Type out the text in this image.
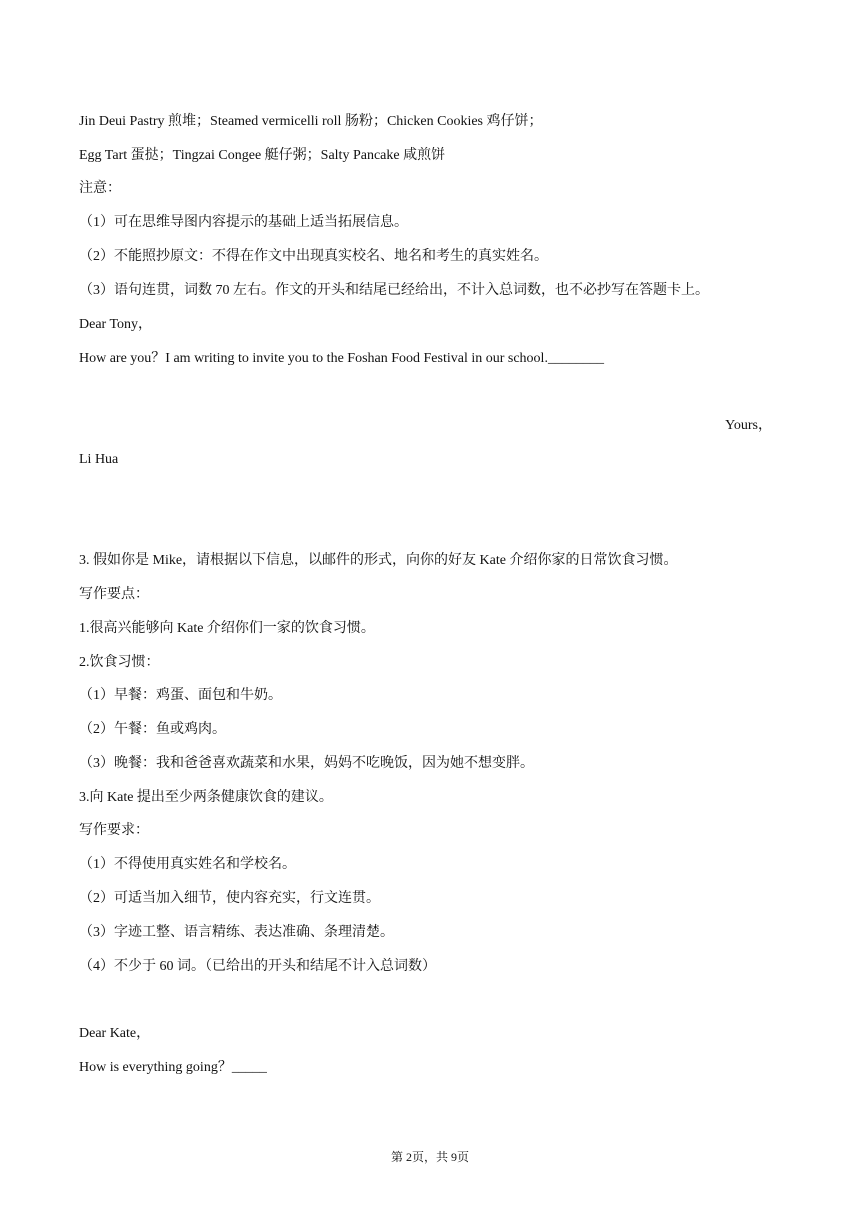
Jin Deui Pastry 煎堆；Steamed vermicelli roll 肠粉；Chicken Cookies 鸡仔饼；
Egg Tart 蛋挞；Tingzai Congee 艇仔粥；Salty Pancake 咸煎饼
注意：
（1）可在思维导图内容提示的基础上适当拓展信息。
（2）不能照抄原文：不得在作文中出现真实校名、地名和考生的真实姓名。
（3）语句连贯，词数 70 左右。作文的开头和结尾已经给出，不计入总词数，也不必抄写在答题卡上。
Dear Tony，
How are you？I am writing to invite you to the Foshan Food Festival in our school.________
Yours，
Li Hua
3. 假如你是 Mike，请根据以下信息，以邮件的形式，向你的好友 Kate 介绍你家的日常饮食习惯。
写作要点：
1.很高兴能够向 Kate 介绍你们一家的饮食习惯。
2.饮食习惯：
（1）早餐：鸡蛋、面包和牛奶。
（2）午餐：鱼或鸡肉。
（3）晚餐：我和爸爸喜欢蔬菜和水果，妈妈不吃晚饭，因为她不想变胖。
3.向 Kate 提出至少两条健康饮食的建议。
写作要求：
（1）不得使用真实姓名和学校名。
（2）可适当加入细节，使内容充实，行文连贯。
（3）字迹工整、语言精练、表达准确、条理清楚。
（4）不少于 60 词。（已给出的开头和结尾不计入总词数）
Dear Kate，
How is everything going？_____
第 2页，共 9页
